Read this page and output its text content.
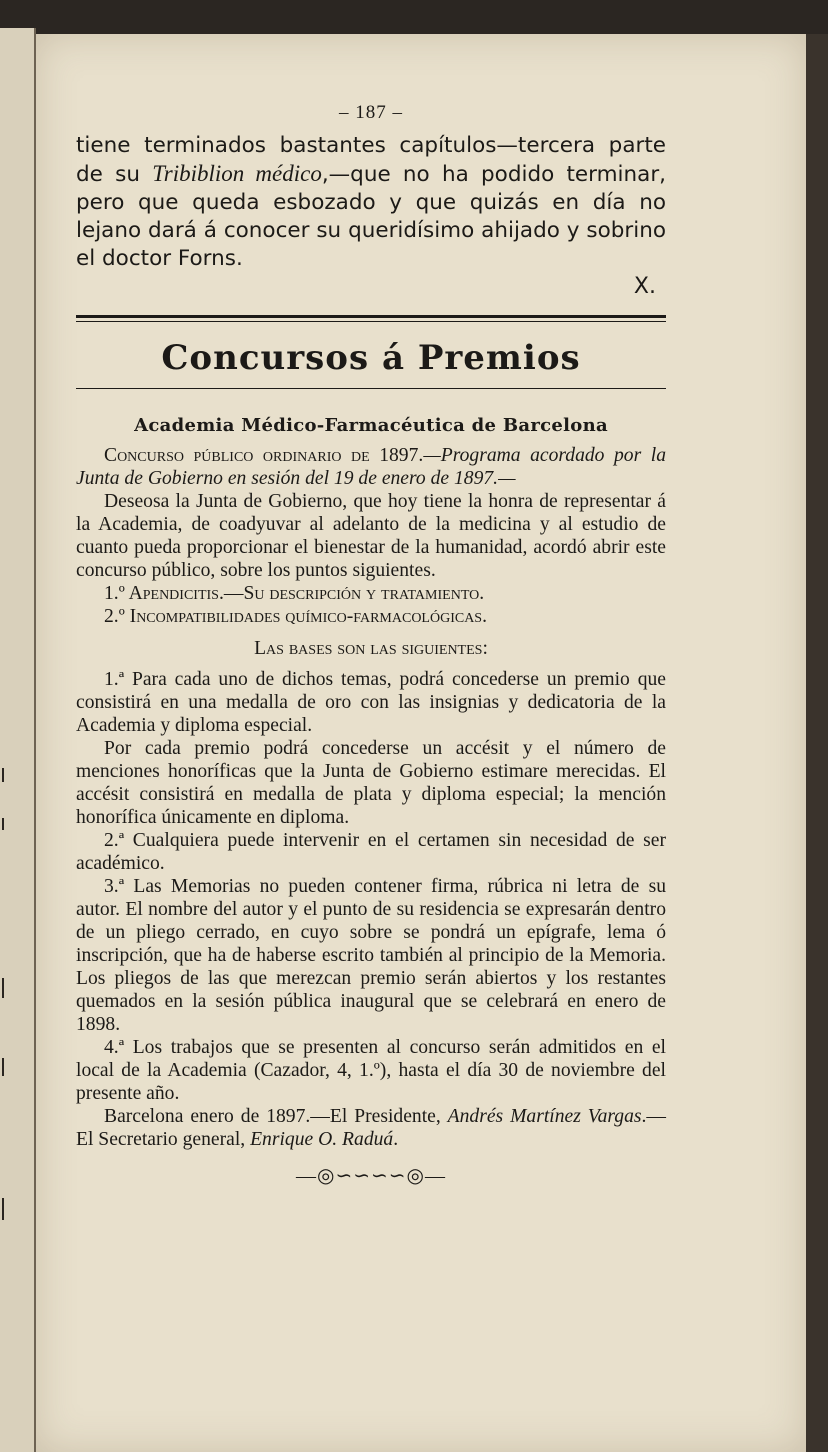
– 187 –

tiene terminados bastantes capítulos—tercera parte de su Tribiblion médico,—que no ha podido terminar, pero que queda esbozado y que quizás en día no lejano dará á conocer su queridísimo ahijado y sobrino el doctor Forns.

X.

Concursos á Premios
Academia Médico-Farmacéutica de Barcelona

Concurso público ordinario de 1897.—Programa acordado por la Junta de Gobierno en sesión del 19 de enero de 1897.—

Deseosa la Junta de Gobierno, que hoy tiene la honra de representar á la Academia, de coadyuvar al adelanto de la medicina y al estudio de cuanto pueda proporcionar el bienestar de la humanidad, acordó abrir este concurso público, sobre los puntos siguientes.

1.º Apendicitis.—Su descripción y tratamiento.

2.º Incompatibilidades químico-farmacológicas.

Las bases son las siguientes:

1.ª Para cada uno de dichos temas, podrá concederse un premio que consistirá en una medalla de oro con las insignias y dedicatoria de la Academia y diploma especial.

Por cada premio podrá concederse un accésit y el número de menciones honoríficas que la Junta de Gobierno estimare merecidas. El accésit consistirá en medalla de plata y diploma especial; la mención honorífica únicamente en diploma.

2.ª Cualquiera puede intervenir en el certamen sin necesidad de ser académico.

3.ª Las Memorias no pueden contener firma, rúbrica ni letra de su autor. El nombre del autor y el punto de su residencia se expresarán dentro de un pliego cerrado, en cuyo sobre se pondrá un epígrafe, lema ó inscripción, que ha de haberse escrito también al principio de la Memoria. Los pliegos de las que merezcan premio serán abiertos y los restantes quemados en la sesión pública inaugural que se celebrará en enero de 1898.

4.ª Los trabajos que se presenten al concurso serán admitidos en el local de la Academia (Cazador, 4, 1.º), hasta el día 30 de noviembre del presente año.

Barcelona enero de 1897.—El Presidente, Andrés Martínez Vargas.—El Secretario general, Enrique O. Raduá.

—◎∽∽∽∽◎—
